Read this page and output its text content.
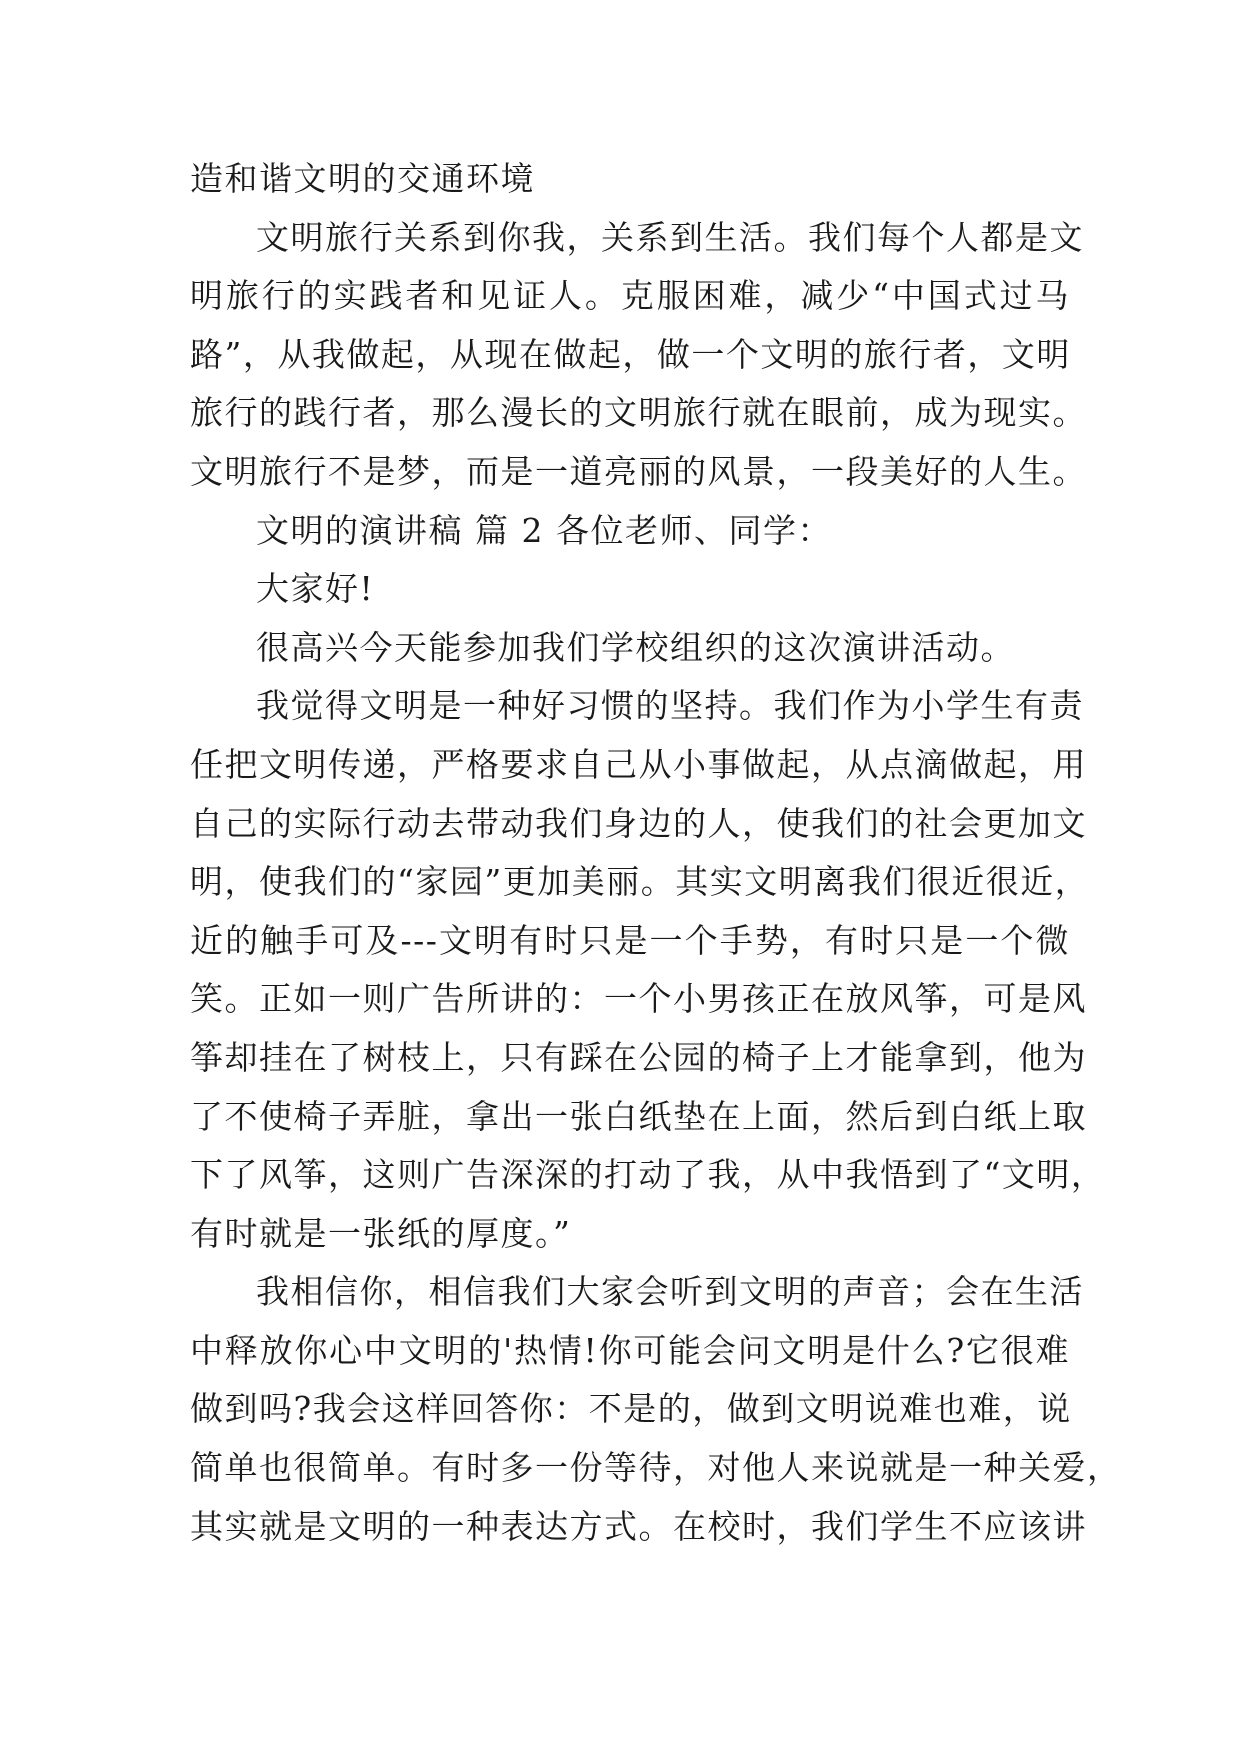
造和谐文明的交通环境
文明旅行关系到你我，关系到生活。我们每个人都是文
明旅行的实践者和见证人。克服困难，减少“中国式过马
路”，从我做起，从现在做起，做一个文明的旅行者，文明
旅行的践行者，那么漫长的文明旅行就在眼前，成为现实。
文明旅行不是梦，而是一道亮丽的风景，一段美好的人生。
文明的演讲稿 篇 2 各位老师、同学：
大家好!
很高兴今天能参加我们学校组织的这次演讲活动。
我觉得文明是一种好习惯的坚持。我们作为小学生有责
任把文明传递，严格要求自己从小事做起，从点滴做起，用
自己的实际行动去带动我们身边的人，使我们的社会更加文
明，使我们的“家园”更加美丽。其实文明离我们很近很近，
近的触手可及---文明有时只是一个手势，有时只是一个微
笑。正如一则广告所讲的：一个小男孩正在放风筝，可是风
筝却挂在了树枝上，只有踩在公园的椅子上才能拿到，他为
了不使椅子弄脏，拿出一张白纸垫在上面，然后到白纸上取
下了风筝，这则广告深深的打动了我，从中我悟到了“文明，
有时就是一张纸的厚度。”
我相信你，相信我们大家会听到文明的声音；会在生活
中释放你心中文明的'热情!你可能会问文明是什么?它很难
做到吗?我会这样回答你：不是的，做到文明说难也难，说
简单也很简单。有时多一份等待，对他人来说就是一种关爱，
其实就是文明的一种表达方式。在校时，我们学生不应该讲
